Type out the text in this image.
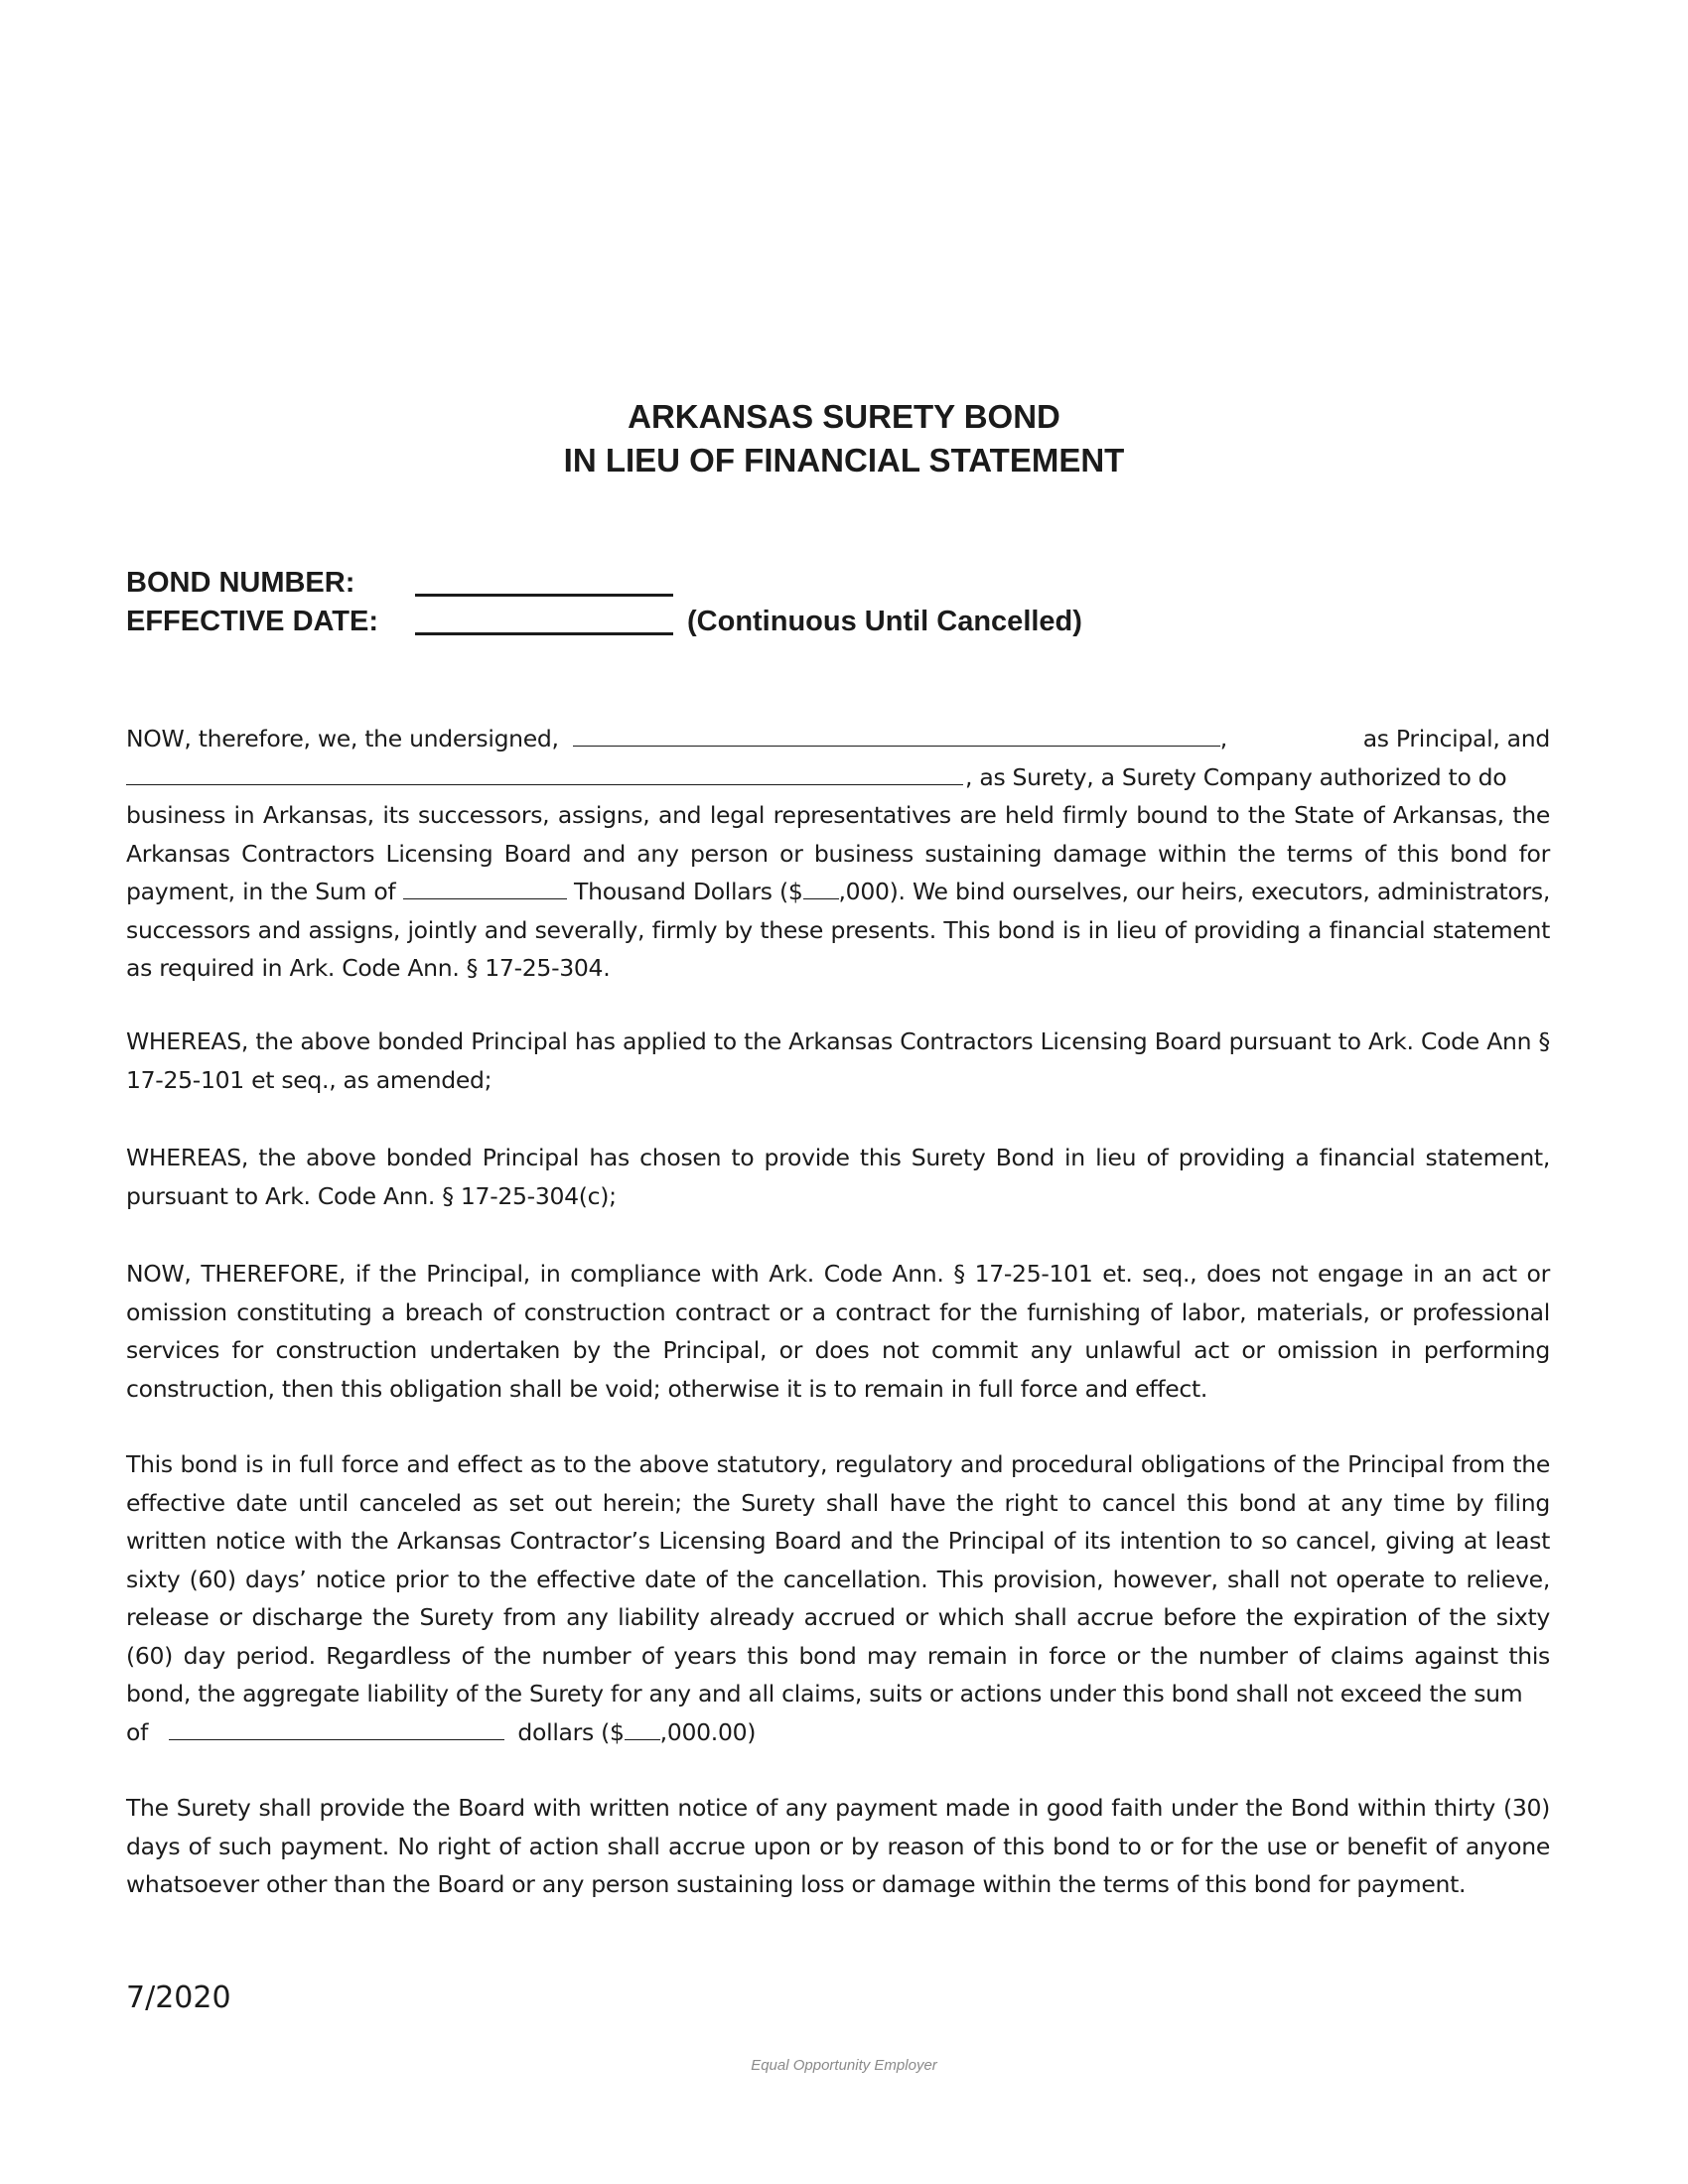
ARKANSAS SURETY BOND
IN LIEU OF FINANCIAL STATEMENT
BOND NUMBER:
EFFECTIVE DATE:	(Continuous Until Cancelled)
NOW, therefore, we, the undersigned,	,	as Principal, and
, as Surety, a Surety Company authorized to do
business in Arkansas, its successors, assigns, and legal representatives are held firmly bound to the State of Arkansas, the Arkansas Contractors Licensing Board and any person or business sustaining damage within the terms of this bond for payment, in the Sum of	Thousand Dollars ($ ,000). We bind ourselves, our heirs, executors, administrators, successors and assigns, jointly and severally, firmly by these presents. This bond is in lieu of providing a financial statement as required in Ark. Code Ann. § 17-25-304.
WHEREAS, the above bonded Principal has applied to the Arkansas Contractors Licensing Board pursuant to Ark. Code Ann § 17-25-101 et seq., as amended;
WHEREAS, the above bonded Principal has chosen to provide this Surety Bond in lieu of providing a financial statement, pursuant to Ark. Code Ann. § 17-25-304(c);
NOW, THEREFORE, if the Principal, in compliance with Ark. Code Ann. § 17-25-101 et. seq., does not engage in an act or omission constituting a breach of construction contract or a contract for the furnishing of labor, materials, or professional services for construction undertaken by the Principal, or does not commit any unlawful act or omission in performing construction, then this obligation shall be void; otherwise it is to remain in full force and effect.
This bond is in full force and effect as to the above statutory, regulatory and procedural obligations of the Principal from the effective date until canceled as set out herein; the Surety shall have the right to cancel this bond at any time by filing written notice with the Arkansas Contractor’s Licensing Board and the Principal of its intention to so cancel, giving at least sixty (60) days’ notice prior to the effective date of the cancellation. This provision, however, shall not operate to relieve, release or discharge the Surety from any liability already accrued or which shall accrue before the expiration of the sixty (60) day period. Regardless of the number of years this bond may remain in force or the number of claims against this bond, the aggregate liability of the Surety for any and all claims, suits or actions under this bond shall not exceed the sum
of	dollars ($ ,000.00)
The Surety shall provide the Board with written notice of any payment made in good faith under the Bond within thirty (30) days of such payment. No right of action shall accrue upon or by reason of this bond to or for the use or benefit of anyone whatsoever other than the Board or any person sustaining loss or damage within the terms of this bond for payment.
7/2020
Equal Opportunity Employer
